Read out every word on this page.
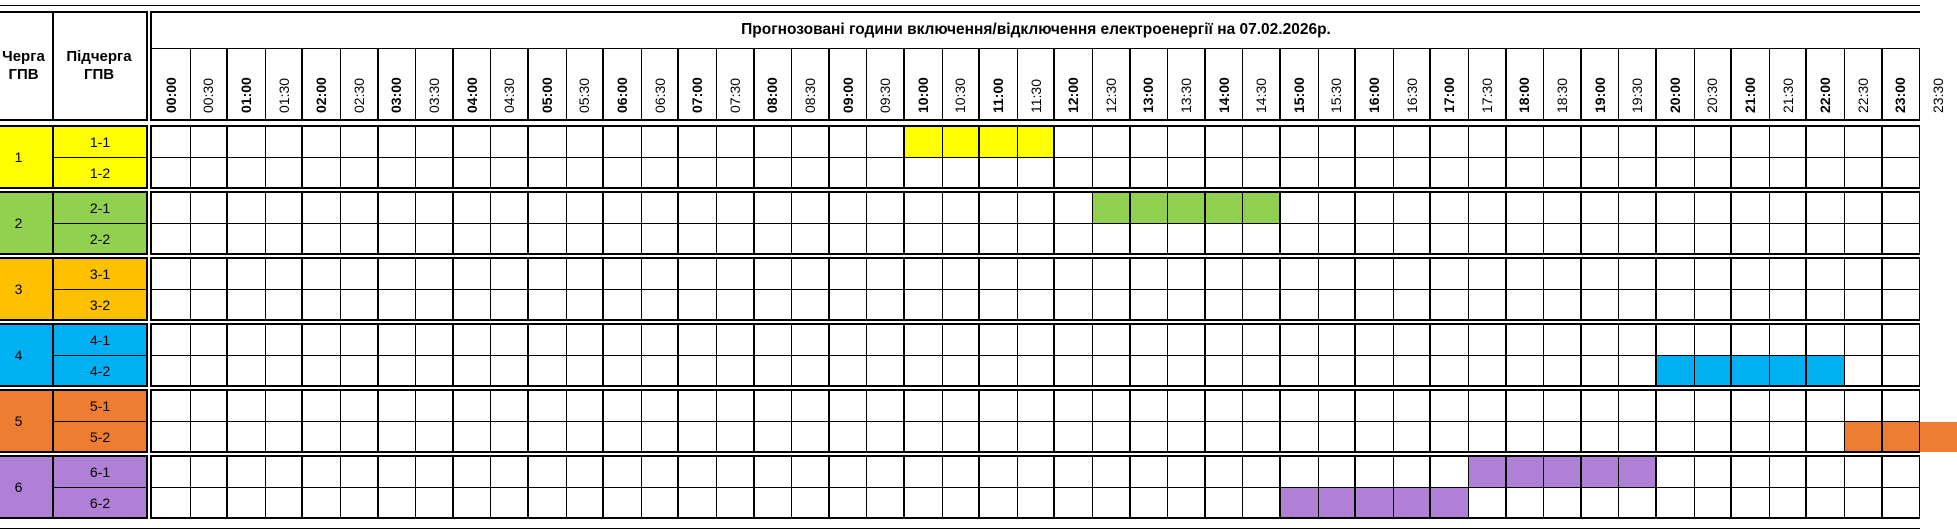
Прогнозовані години включення/відключення електроенергії на 07.02.2026р.
Черга ГПВ
Підчерга ГПВ
00:00 00:30 01:00 01:30 02:00 02:30 03:00 03:30 04:00 04:30 05:00 05:30 06:00 06:30 07:00 07:30 08:00 08:30 09:00 09:30 10:00 10:30 11:00 11:30 12:00 12:30 13:00 13:30 14:00 14:30 15:00 15:30 16:00 16:30 17:00 17:30 18:00 18:30 19:00 19:30 20:00 20:30 21:00 21:30 22:00 22:30 23:00 23:30
1
1-1
1-2
2
2-1
2-2
3
3-1
3-2
4
4-1
4-2
5
5-1
5-2
6
6-1
6-2
